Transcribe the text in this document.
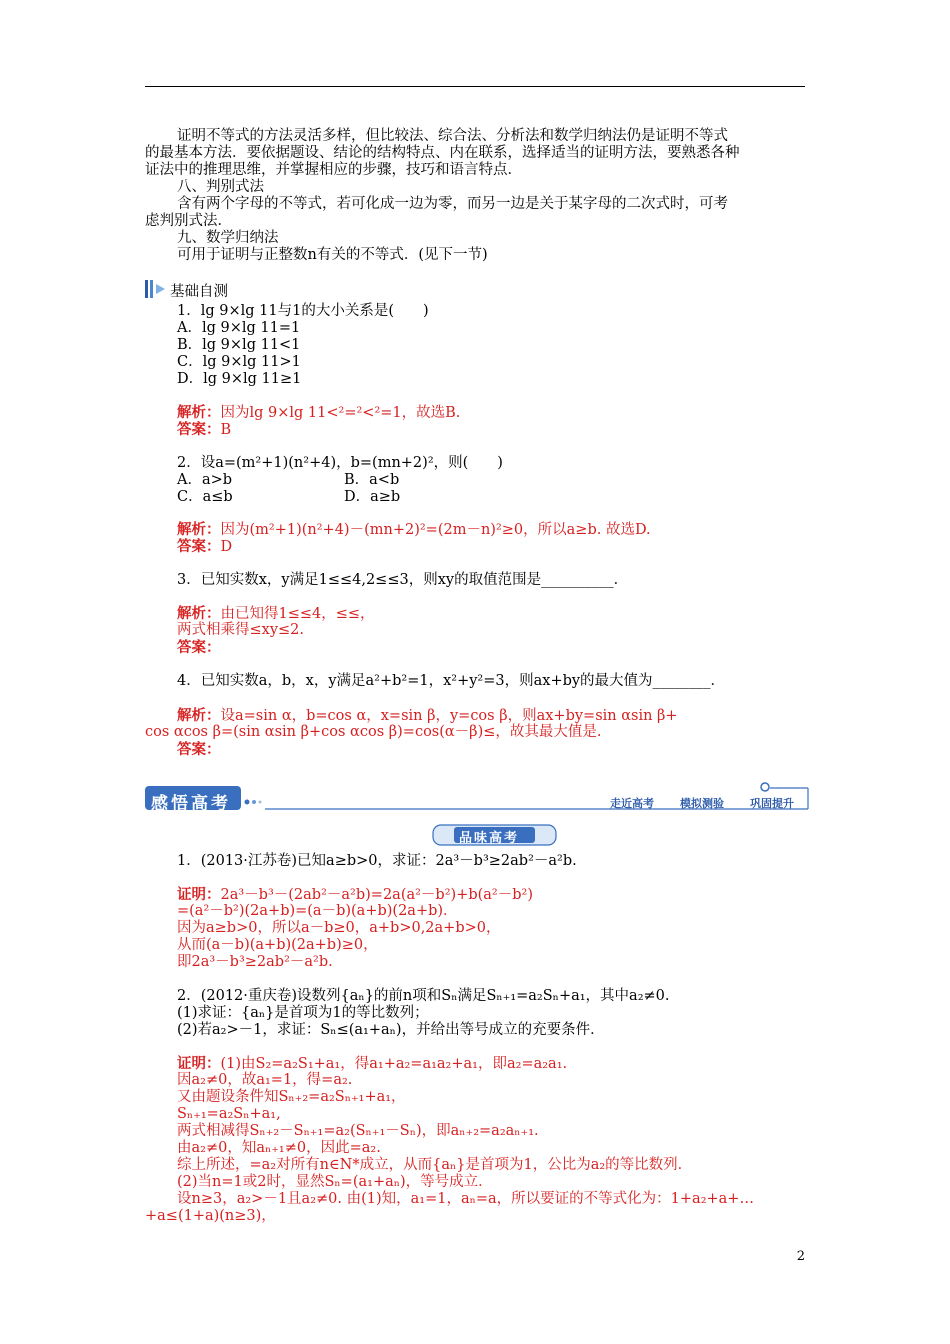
证明不等式的方法灵活多样，但比较法、综合法、分析法和数学归纳法仍是证明不等式
的最基本方法．要依据题设、结论的结构特点、内在联系，选择适当的证明方法，要熟悉各种
证法中的推理思维，并掌握相应的步骤，技巧和语言特点．
八、判别式法
含有两个字母的不等式，若可化成一边为零，而另一边是关于某字母的二次式时，可考
虑判别式法．
九、数学归纳法
可用于证明与正整数n有关的不等式．(见下一节)
基础自测
1．lg 9×lg 11与1的大小关系是(　　)
A．lg 9×lg 11=1
B．lg 9×lg 11<1
C．lg 9×lg 11>1
D．lg 9×lg 11≥1
解析：因为lg 9×lg 11<²=²<²=1，故选B.
答案：B
2．设a=(m²+1)(n²+4)，b=(mn+2)²，则(　　)
A．a>b	B．a<b
C．a≤b	D．a≥b
解析：因为(m²+1)(n²+4)－(mn+2)²=(2m－n)²≥0，所以a≥b. 故选D.
答案：D
3．已知实数x，y满足1≤≤4,2≤≤3，则xy的取值范围是__________．
解析：由已知得1≤≤4，≤≤，
两式相乘得≤xy≤2.
答案：
4．已知实数a，b，x，y满足a²+b²=1，x²+y²=3，则ax+by的最大值为________．
解析：设a=sin α，b=cos α，x=sin β，y=cos β，则ax+by=sin αsin β+
cos αcos β=(sin αsin β+cos αcos β)=cos(α－β)≤，故其最大值是.
答案：
感悟高考	走近高考 模拟测验 巩固提升
品味高考
1．(2013·江苏卷)已知a≥b>0，求证：2a³－b³≥2ab²－a²b.
证明：2a³－b³－(2ab²－a²b)=2a(a²－b²)+b(a²－b²)
=(a²－b²)(2a+b)=(a－b)(a+b)(2a+b)．
因为a≥b>0，所以a－b≥0，a+b>0,2a+b>0，
从而(a－b)(a+b)(2a+b)≥0，
即2a³－b³≥2ab²－a²b.
2．(2012·重庆卷)设数列{aₙ}的前n项和Sₙ满足Sₙ₊₁=a₂Sₙ+a₁，其中a₂≠0.
(1)求证：{aₙ}是首项为1的等比数列；
(2)若a₂>－1，求证：Sₙ≤(a₁+aₙ)，并给出等号成立的充要条件．
证明：(1)由S₂=a₂S₁+a₁，得a₁+a₂=a₁a₂+a₁，即a₂=a₂a₁.
因a₂≠0，故a₁=1，得=a₂.
又由题设条件知Sₙ₊₂=a₂Sₙ₊₁+a₁，
Sₙ₊₁=a₂Sₙ+a₁,
两式相减得Sₙ₊₂－Sₙ₊₁=a₂(Sₙ₊₁－Sₙ)，即aₙ₊₂=a₂aₙ₊₁.
由a₂≠0，知aₙ₊₁≠0，因此=a₂.
综上所述，=a₂对所有n∈N*成立，从而{aₙ}是首项为1，公比为a₂的等比数列．
(2)当n=1或2时，显然Sₙ=(a₁+aₙ)，等号成立．
设n≥3，a₂>－1且a₂≠0. 由(1)知，a₁=1，aₙ=a，所以要证的不等式化为：1+a₂+a+…
+a≤(1+a)(n≥3)，
2
